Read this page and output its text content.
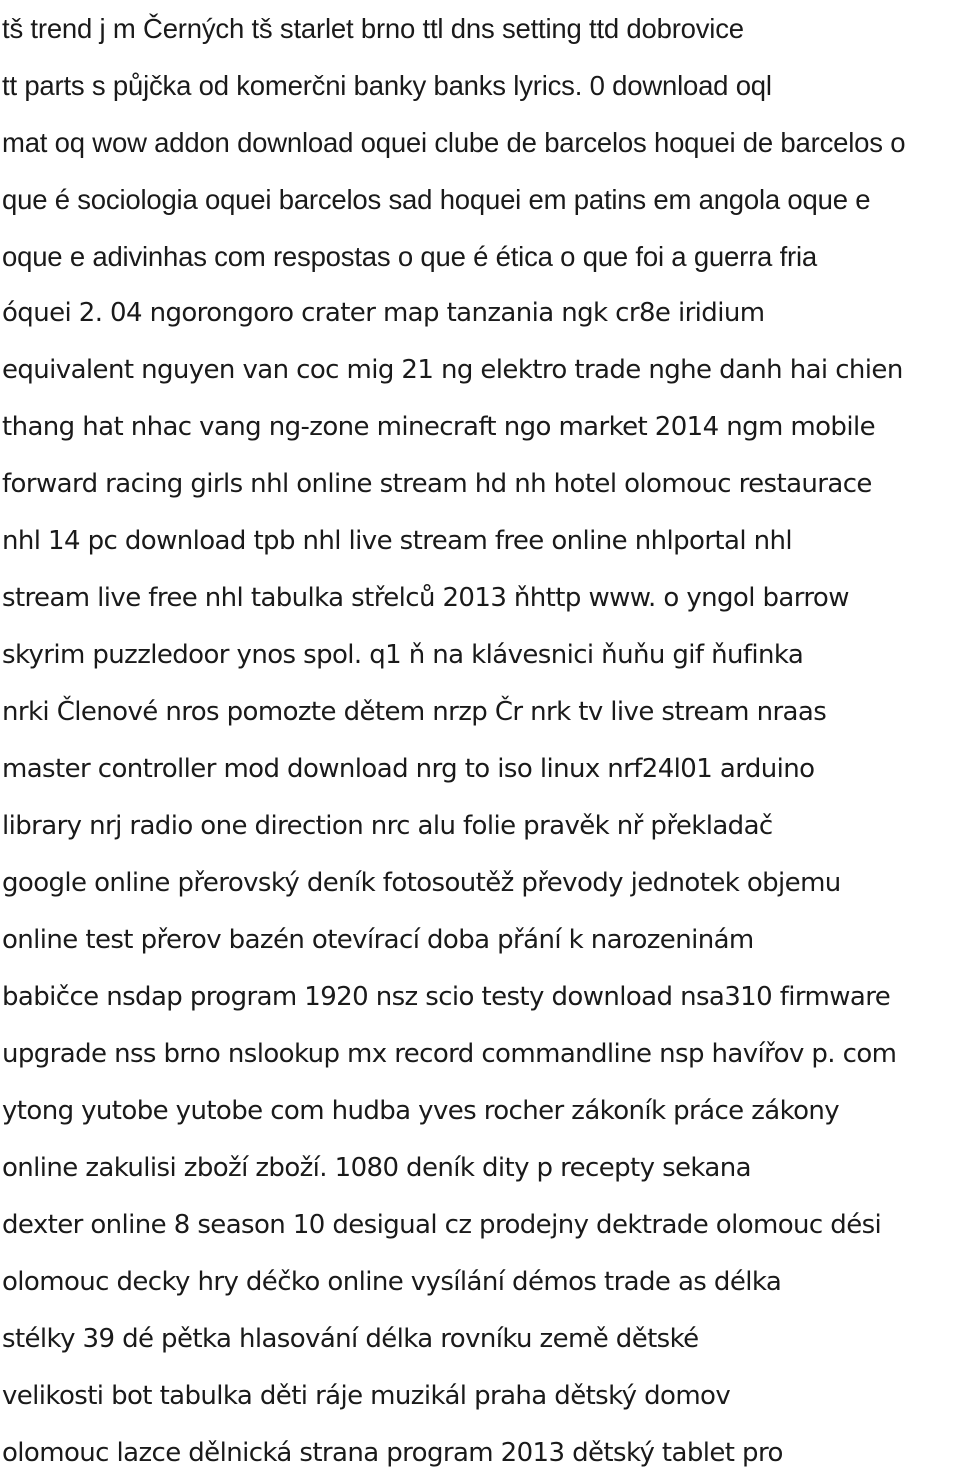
tš trend j m Černých tš starlet brno ttl dns setting ttd dobrovice
tt parts s půjčka od komerčni banky banks lyrics. 0 download oql
mat oq wow addon download oquei clube de barcelos hoquei de barcelos o
que é sociologia oquei barcelos sad hoquei em patins em angola oque e
oque e adivinhas com respostas o que é ética o que foi a guerra fria
óquei 2. 04 ngorongoro crater map tanzania ngk cr8e iridium
equivalent nguyen van coc mig 21 ng elektro trade nghe danh hai chien
thang hat nhac vang ng-zone minecraft ngo market 2014 ngm mobile
forward racing girls nhl online stream hd nh hotel olomouc restaurace
nhl 14 pc download tpb nhl live stream free online nhlportal nhl
stream live free nhl tabulka střelců 2013 ňhttp www. o yngol barrow
skyrim puzzledoor ynos spol. q1 ň na klávesnici ňuňu gif ňufinka
nrki Členové nros pomozte dětem nrzp Čr nrk tv live stream nraas
master controller mod download nrg to iso linux nrf24l01 arduino
library nrj radio one direction nrc alu folie pravěk nř překladač
google online přerovský deník fotosoutěž převody jednotek objemu
online test přerov bazén otevírací doba přání k narozeninám
babičce nsdap program 1920 nsz scio testy download nsa310 firmware
upgrade nss brno nslookup mx record commandline nsp havířov p. com
ytong yutobe yutobe com hudba yves rocher zákoník práce zákony
online zakulisi zboží zboží. 1080 deník dity p recepty sekana
dexter online 8 season 10 desigual cz prodejny dektrade olomouc dési
olomouc decky hry déčko online vysílání démos trade as délka
stélky 39 dé pětka hlasování délka rovníku země dětské
velikosti bot tabulka děti ráje muzikál praha dětský domov
olomouc lazce dělnická strana program 2013 dětský tablet pro
